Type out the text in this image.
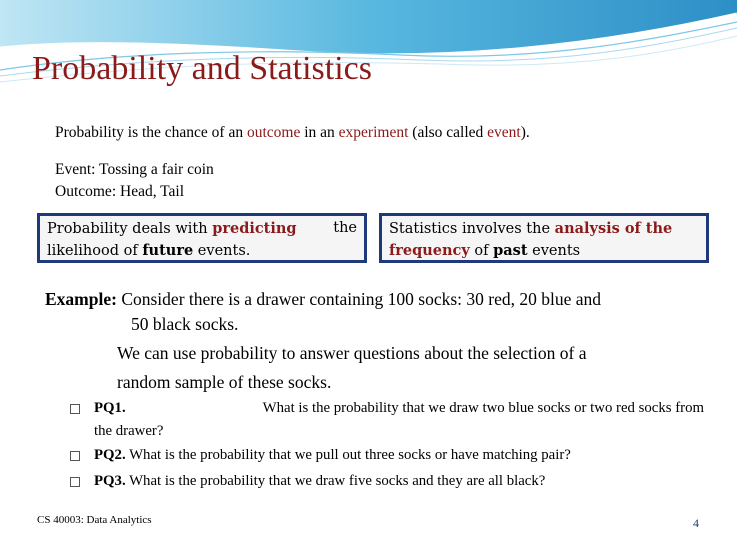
Probability and Statistics
Probability is the chance of an outcome in an experiment (also called event).
Event: Tossing a fair coin
Outcome: Head, Tail
Probability deals with predicting	the
likelihood of future events.
Statistics involves the analysis of the
frequency of past events
Example: Consider there is a drawer containing 100 socks: 30 red, 20 blue and
50 black socks.
We can use probability to answer questions about the selection of a
random sample of these socks.
PQ1.	What is the probability that we draw two blue socks or two red socks from
the drawer?
PQ2. What is the probability that we pull out three socks or have matching pair?
PQ3. What is the probability that we draw five socks and they are all black?
CS 40003: Data Analytics	4
